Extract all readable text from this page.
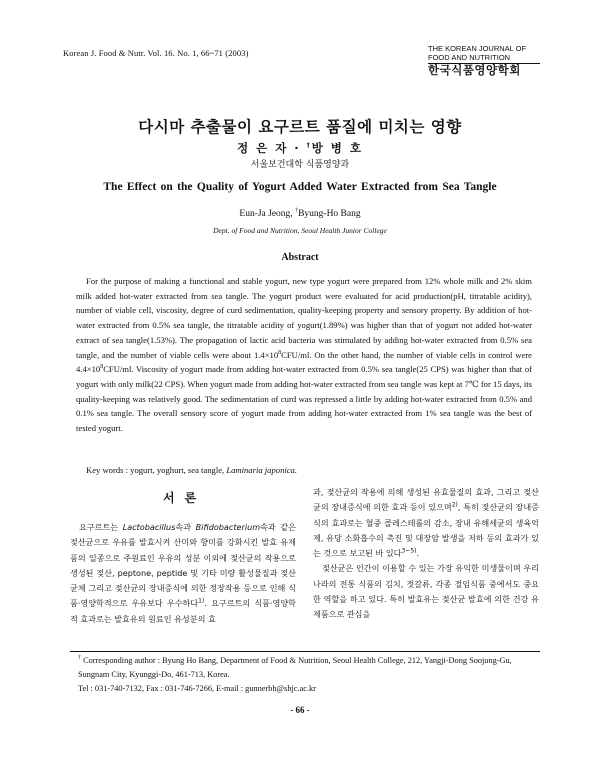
Korean J. Food & Nutr. Vol. 16. No. 1, 66~71 (2003)	THE KOREAN JOURNAL OF
FOOD AND NUTRITION
한국식품영양학회
다시마 추출물이 요구르트 품질에 미치는 영향
정 은 자 · †방 병 호
서울보건대학 식품영양과
The Effect on the Quality of Yogurt Added Water Extracted from Sea Tangle
Eun-Ja Jeong, †Byung-Ho Bang
Dept. of Food and Nutrition, Seoul Health Junior College
Abstract

For the purpose of making a functional and stable yogurt, new type yogurt were prepared from 12% whole milk and 2% skim milk added hot-water extracted from sea tangle. The yogurt product were evaluated for acid production(pH, titratable acidity), number of viable cell, viscosity, degree of curd sedimentation, quality-keeping property and sensory property. By addition of hot-water extracted from 0.5% sea tangle, the titratable acidity of yogurt(1.89%) was higher than that of yogurt not added hot-water extract of sea tangle(1.53%). The propagation of lactic acid bacteria was stimulated by adding hot-water extracted from 0.5% sea tangle, and the number of viable cells were about $1.4\times 10^8CFU/ml$. On the other hand, the number of viable cells in control were $4.4\times 10^8CFU/ml$. Viscosity of yogurt made from adding hot-water extracted from 0.5% sea tangle(25 CPS) was higher than that of yogurt with only milk(22 CPS). When yogurt made from adding hot-water extracted from sea tangle was kept at 7℃ for 15 days, its quality-keeping was relatively good. The sedimentation of curd was repressed a little by adding hot-water extracted from 0.5% and 0.1% sea tangle. The overall sensory score of yogurt made from adding hot-water extracted from 1% sea tangle was the best of tested yogurt.

Key words : yogurt, yoghurt, sea tangle, Laminaria japonica.
서론

요구르트는 Lactobacillus속과 Bifidobacterium속과 같은 젖산균으로 우유를 발효시켜 산미와 향미를 강화시킨 발효 유제품의 일종으로 주원료인 우유의 성분 이외에 젖산균의 작용으로 생성된 젖산, peptone, peptide 및 기타 미량 활성물질과 젖산균체 그리고 젖산균의 장내증식에 의한 정장작용 등으로 인해 식품·영양학적으로 우유보다 우수하다$^{1)}$. 요구르트의 식품·영양학적 효과로는 발효유의 원료인 유성분의 효

과, 젖산균의 작용에 의해 생성된 유효물질의 효과, 그리고 젖산균의 장내증식에 의한 효과 등이 있으며$^{2)}$, 특히 젖산균의 장내증식의 효과로는 혈중 콜레스테롤의 감소, 장내 유해세균의 생육억제, 유당 소화흡수의 촉진 및 대장암 발생을 저하 등의 효과가 있는 것으로 보고된 바 있다$^{3\sim 5)}$.
젖산균은 인간이 이용할 수 있는 가장 유익한 미생물이며 우리나라의 전통 식품의 김치, 젓갈류, 각종 절임식품 중에서도 중요한 역할을 하고 있다. 특히 발효유는 젖산균 발효에 의한 건강 유제품으로 관심을

† Corresponding author : Byung Ho Bang, Department of Food & Nutrition, Seoul Health College, 212, Yangji-Dong Soojung-Gu, Sungnam City, Kyunggi-Do, 461-713, Korea.
Tel : 031-740-7132, Fax : 031-746-7266, E-mail : gunnerbh@shjc.ac.kr

- 66 -
